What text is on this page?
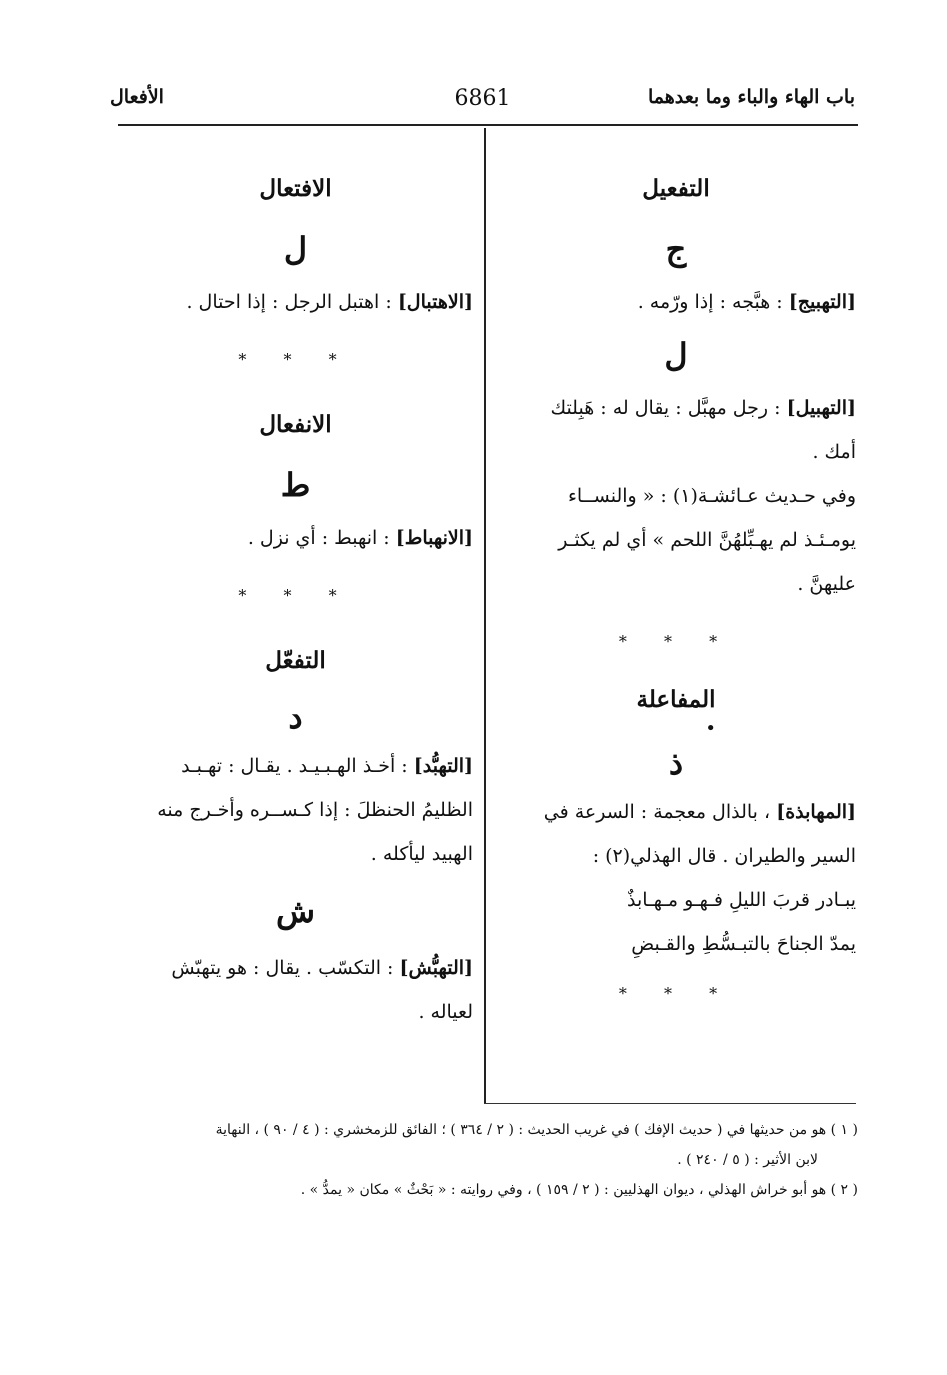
باب الهاء والباء وما بعدهما
6861
الأفعال
التفعيل
ج
[التهبيج] : هبَّجه : إذا ورّمه .
ل
[التهبيل] : رجل مهبَّل : يقال له : هَبِلتك
أمك .
وفي حـديث عـائشـة(١) : « والنســاء
يومـئـذ لم يهـبِّلهُنَّ اللحم » أي لم يكثـر
عليهنَّ .
* * *
المفاعلة
•
ذ
[المهابذة] ، بالذال معجمة : السرعة في
السير والطيران . قال الهذلي(٢) :
يبـادر قربَ الليلِ فـهـو مـهـابذٌ
يمدّ الجناحَ بالتبـسُّطِ والقـبضِ
* * *
الافتعال
ل
[الاهتبال] : اهتبل الرجل : إذا احتال .
* * *
الانفعال
ط
[الانهباط] : انهبط : أي نزل .
* * *
التفعّل
د
[التهبُّد] : أخـذ الهـبـيـد . يقـال : تهـبـد
الظليمُ الحنظلَ : إذا كـســره وأخـرج منه
الهبيد ليأكله .
ش
[التهبُّش] : التكسّب . يقال : هو يتهبّش
لعياله .
( ١ ) هو من حديثها في ( حديث الإفك ) في غريب الحديث : ( ٢ / ٣٦٤ ) ؛ الفائق للزمخشري : ( ٤ / ٩٠ ) ، النهاية
لابن الأثير : ( ٥ / ٢٤٠ ) .
( ٢ ) هو أبو خراش الهذلي ، ديوان الهذليين : ( ٢ / ١٥٩ ) ، وفي روايته : « بَحْثٌ » مكان « يمدُّ » .
